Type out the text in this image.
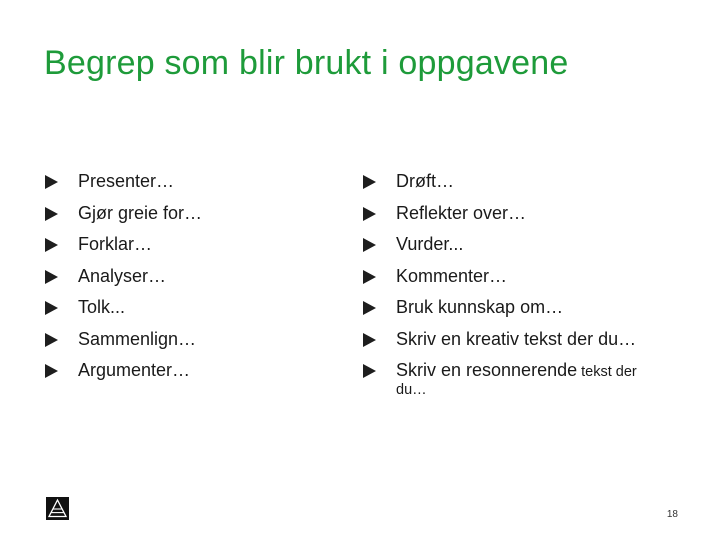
Begrep som blir brukt i oppgavene
Presenter…
Gjør greie for…
Forklar…
Analyser…
Tolk...
Sammenlign…
Argumenter…
Drøft…
Reflekter over…
Vurder...
Kommenter…
Bruk kunnskap om…
Skriv en kreativ tekst der du…
Skriv en resonnerende tekst der
du…
18
